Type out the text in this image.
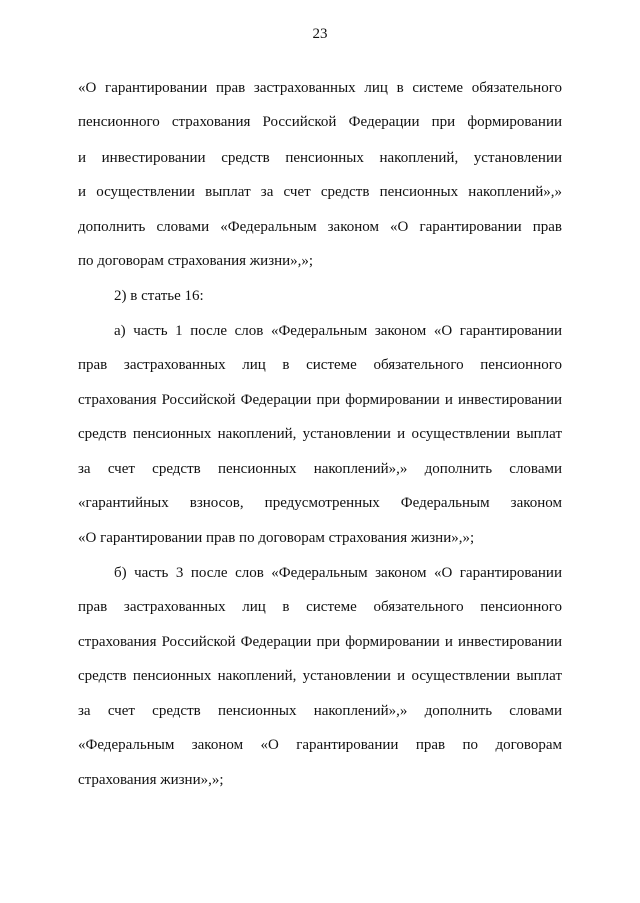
23
«О гарантировании прав застрахованных лиц в системе обязательного
пенсионного страхования Российской Федерации при формировании
и инвестировании средств пенсионных накоплений, установлении
и осуществлении выплат за счет средств пенсионных накоплений»,»
дополнить словами «Федеральным законом «О гарантировании прав
по договорам страхования жизни»,»;
2) в статье 16:
а) часть 1 после слов «Федеральным законом «О гарантировании
прав застрахованных лиц в системе обязательного пенсионного
страхования Российской Федерации при формировании и инвестировании
средств пенсионных накоплений, установлении и осуществлении выплат
за счет средств пенсионных накоплений»,» дополнить словами
«гарантийных взносов, предусмотренных Федеральным законом
«О гарантировании прав по договорам страхования жизни»,»;
б) часть 3 после слов «Федеральным законом «О гарантировании
прав застрахованных лиц в системе обязательного пенсионного
страхования Российской Федерации при формировании и инвестировании
средств пенсионных накоплений, установлении и осуществлении выплат
за счет средств пенсионных накоплений»,» дополнить словами
«Федеральным законом «О гарантировании прав по договорам
страхования жизни»,»;
